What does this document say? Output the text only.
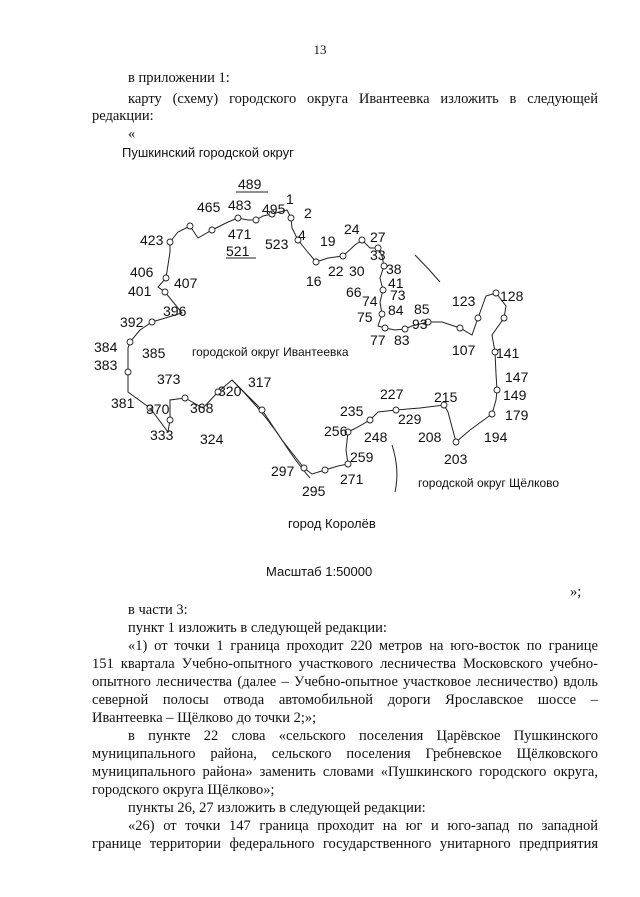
13
в приложении 1:
карту (схему) городского округа Ивантеевка изложить в следующей
редакции:
«
Пушкинский городской округ
489
465 483 495
1
2
471
521 523
4
423	19
24 27
22 30
33
38
16	41
406
401 407
66 73
74
84 85 123 128
75	93
396
392
77 83
107 141
384 385
383
373	147
149
317
320
368
370
381
333 324
227 215
235 229	179
256 248 208	194
203
259
297	271
295
городской округ Ивантеевка
городской округ Щёлково
город Королёв
Масштаб 1:50000
»;
в части 3:
пункт 1 изложить в следующей редакции:
«1) от точки 1 граница проходит 220 метров на юго-восток по границе
151 квартала Учебно-опытного участкового лесничества Московского учебно-
опытного лесничества (далее – Учебно-опытное участковое лесничество) вдоль
северной полосы отвода автомобильной дороги Ярославское шоссе –
Ивантеевка – Щёлково до точки 2;»;
в пункте 22 слова «сельского поселения Царёвское Пушкинского
муниципального района, сельского поселения Гребневское Щёлковского
муниципального района» заменить словами «Пушкинского городского округа,
городского округа Щёлково»;
пункты 26, 27 изложить в следующей редакции:
«26) от точки 147 граница проходит на юг и юго-запад по западной
границе территории федерального государственного унитарного предприятия
